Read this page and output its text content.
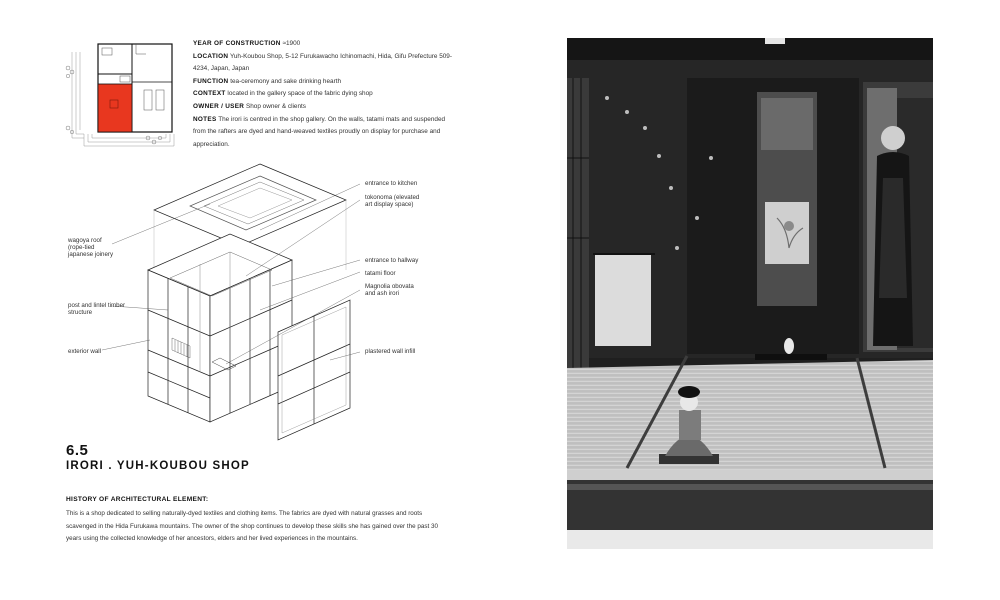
YEAR OF CONSTRUCTION ≈1900
LOCATION Yuh-Koubou Shop, 5-12 Furukawacho Ichinomachi, Hida, Gifu Prefecture 509-4234, Japan, Japan
FUNCTION tea-ceremony and sake drinking hearth
CONTEXT located in the gallery space of the fabric dying shop
OWNER / USER Shop owner & clients
NOTES The irori is centred in the shop gallery. On the walls, tatami mats and suspended from the rafters are dyed and hand-weaved textiles proudly on display for purchase and appreciation.
wagoya roof
(rope-tied
japanese joinery
post and lintel timber
structure
exterior wall
entrance to kitchen
tokonoma (elevated
art display space)
entrance to hallway
tatami floor
Magnolia obovata
and ash irori
plastered wall infill
6.5
IRORI . YUH-KOUBOU SHOP
HISTORY OF ARCHITECTURAL ELEMENT:
This is a shop dedicated to selling naturally-dyed textiles and clothing items. The fabrics are dyed with natural grasses and roots scavenged in the Hida Furukawa mountains. The owner of the shop continues to develop these skills she has gained over the past 30 years using the collected knowledge of her ancestors, elders and her lived experiences in the mountains.
